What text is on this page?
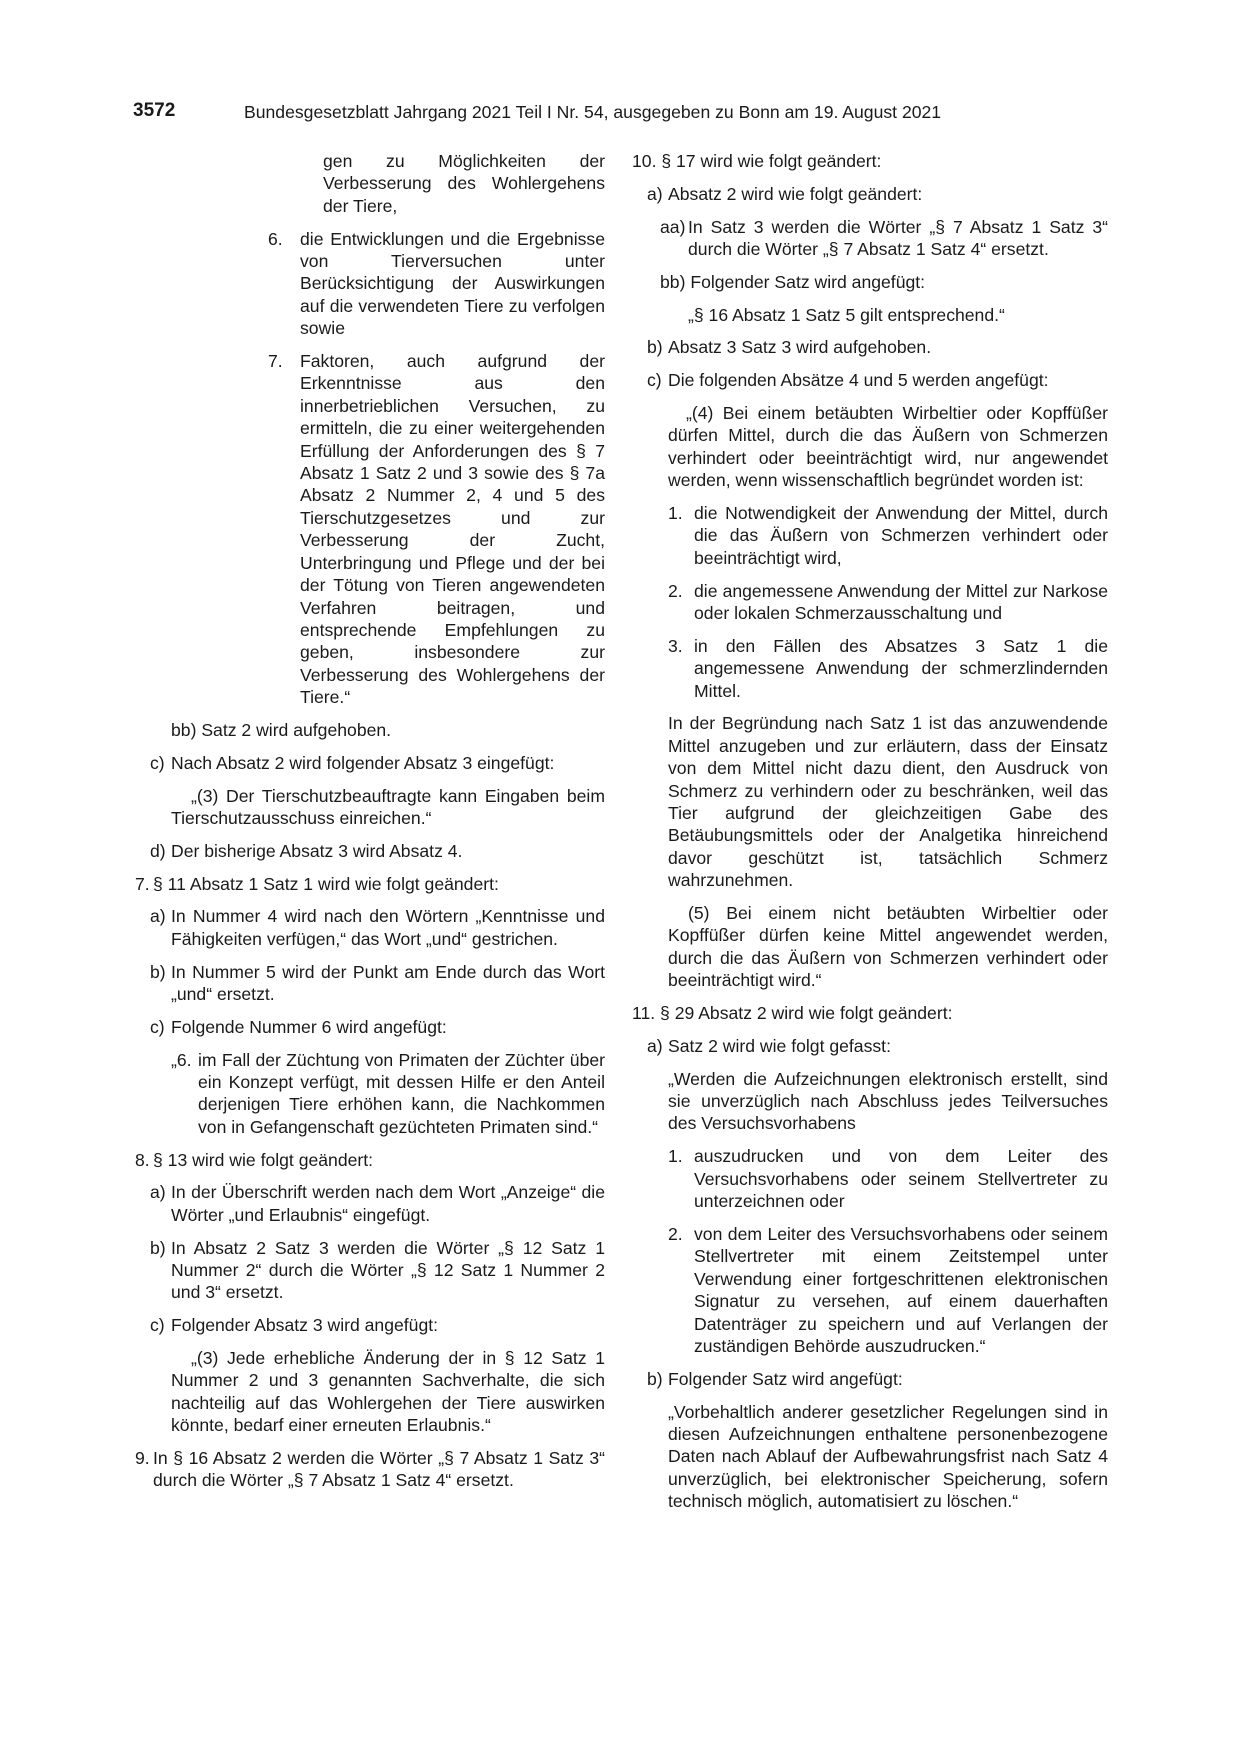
3572	Bundesgesetzblatt Jahrgang 2021 Teil I Nr. 54, ausgegeben zu Bonn am 19. August 2021
gen zu Möglichkeiten der Verbesserung des Wohlergehens der Tiere,
6. die Entwicklungen und die Ergebnisse von Tierversuchen unter Berücksichtigung der Auswirkungen auf die verwendeten Tiere zu verfolgen sowie
7. Faktoren, auch aufgrund der Erkenntnisse aus den innerbetrieblichen Versuchen, zu ermitteln, die zu einer weitergehenden Erfüllung der Anforderungen des § 7 Absatz 1 Satz 2 und 3 sowie des § 7a Absatz 2 Nummer 2, 4 und 5 des Tierschutzgesetzes und zur Verbesserung der Zucht, Unterbringung und Pflege und der bei der Tötung von Tieren angewendeten Verfahren beitragen, und entsprechende Empfehlungen zu geben, insbesondere zur Verbesserung des Wohlergehens der Tiere.“
bb) Satz 2 wird aufgehoben.
c) Nach Absatz 2 wird folgender Absatz 3 eingefügt:
„(3) Der Tierschutzbeauftragte kann Eingaben beim Tierschutzausschuss einreichen.“
d) Der bisherige Absatz 3 wird Absatz 4.
7. § 11 Absatz 1 Satz 1 wird wie folgt geändert:
a) In Nummer 4 wird nach den Wörtern „Kenntnisse und Fähigkeiten verfügen,“ das Wort „und“ gestrichen.
b) In Nummer 5 wird der Punkt am Ende durch das Wort „und“ ersetzt.
c) Folgende Nummer 6 wird angefügt:
„6. im Fall der Züchtung von Primaten der Züchter über ein Konzept verfügt, mit dessen Hilfe er den Anteil derjenigen Tiere erhöhen kann, die Nachkommen von in Gefangenschaft gezüchteten Primaten sind.“
8. § 13 wird wie folgt geändert:
a) In der Überschrift werden nach dem Wort „Anzeige“ die Wörter „und Erlaubnis“ eingefügt.
b) In Absatz 2 Satz 3 werden die Wörter „§ 12 Satz 1 Nummer 2“ durch die Wörter „§ 12 Satz 1 Nummer 2 und 3“ ersetzt.
c) Folgender Absatz 3 wird angefügt:
„(3) Jede erhebliche Änderung der in § 12 Satz 1 Nummer 2 und 3 genannten Sachverhalte, die sich nachteilig auf das Wohlergehen der Tiere auswirken könnte, bedarf einer erneuten Erlaubnis.“
9. In § 16 Absatz 2 werden die Wörter „§ 7 Absatz 1 Satz 3“ durch die Wörter „§ 7 Absatz 1 Satz 4“ ersetzt.
10. § 17 wird wie folgt geändert:
a) Absatz 2 wird wie folgt geändert:
aa) In Satz 3 werden die Wörter „§ 7 Absatz 1 Satz 3“ durch die Wörter „§ 7 Absatz 1 Satz 4“ ersetzt.
bb) Folgender Satz wird angefügt:
„§ 16 Absatz 1 Satz 5 gilt entsprechend.“
b) Absatz 3 Satz 3 wird aufgehoben.
c) Die folgenden Absätze 4 und 5 werden angefügt:
„(4) Bei einem betäubten Wirbeltier oder Kopffüßer dürfen Mittel, durch die das Äußern von Schmerzen verhindert oder beeinträchtigt wird, nur angewendet werden, wenn wissenschaftlich begründet worden ist:
1. die Notwendigkeit der Anwendung der Mittel, durch die das Äußern von Schmerzen verhindert oder beeinträchtigt wird,
2. die angemessene Anwendung der Mittel zur Narkose oder lokalen Schmerzausschaltung und
3. in den Fällen des Absatzes 3 Satz 1 die angemessene Anwendung der schmerzlindernden Mittel.
In der Begründung nach Satz 1 ist das anzuwendende Mittel anzugeben und zur erläutern, dass der Einsatz von dem Mittel nicht dazu dient, den Ausdruck von Schmerz zu verhindern oder zu beschränken, weil das Tier aufgrund der gleichzeitigen Gabe des Betäubungsmittels oder der Analgetika hinreichend davor geschützt ist, tatsächlich Schmerz wahrzunehmen.
(5) Bei einem nicht betäubten Wirbeltier oder Kopffüßer dürfen keine Mittel angewendet werden, durch die das Äußern von Schmerzen verhindert oder beeinträchtigt wird.“
11. § 29 Absatz 2 wird wie folgt geändert:
a) Satz 2 wird wie folgt gefasst:
„Werden die Aufzeichnungen elektronisch erstellt, sind sie unverzüglich nach Abschluss jedes Teilversuches des Versuchsvorhabens
1. auszudrucken und von dem Leiter des Versuchsvorhabens oder seinem Stellvertreter zu unterzeichnen oder
2. von dem Leiter des Versuchsvorhabens oder seinem Stellvertreter mit einem Zeitstempel unter Verwendung einer fortgeschrittenen elektronischen Signatur zu versehen, auf einem dauerhaften Datenträger zu speichern und auf Verlangen der zuständigen Behörde auszudrucken.“
b) Folgender Satz wird angefügt:
„Vorbehaltlich anderer gesetzlicher Regelungen sind in diesen Aufzeichnungen enthaltene personenbezogene Daten nach Ablauf der Aufbewahrungsfrist nach Satz 4 unverzüglich, bei elektronischer Speicherung, sofern technisch möglich, automatisiert zu löschen.“
